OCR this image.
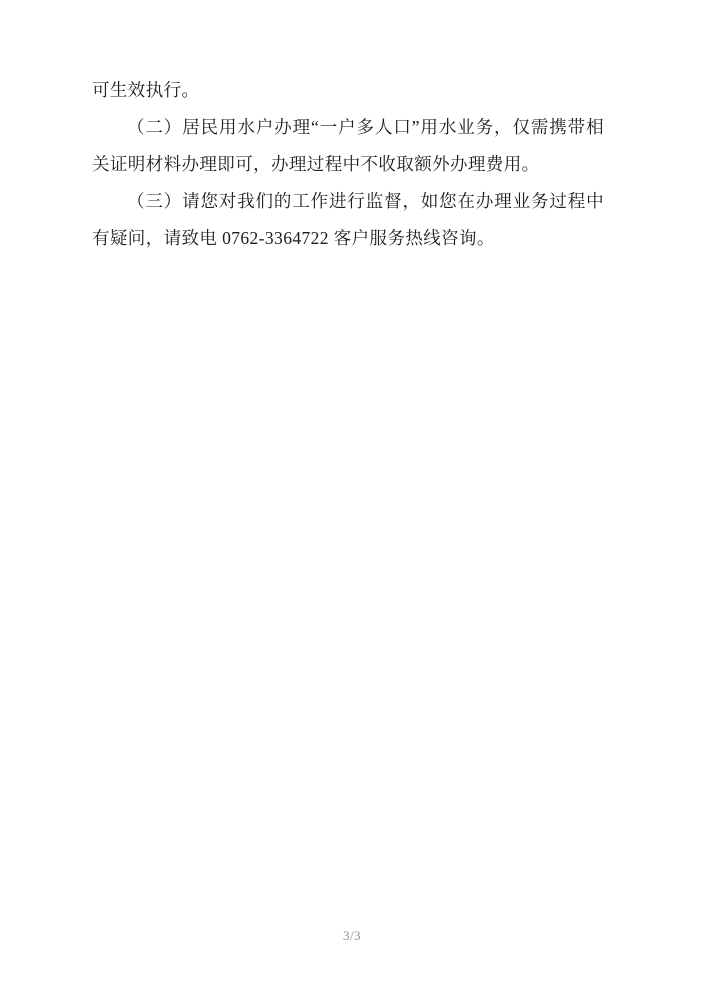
可生效执行。

（二）居民用水户办理“一户多人口”用水业务，仅需携带相关证明材料办理即可，办理过程中不收取额外办理费用。

（三）请您对我们的工作进行监督，如您在办理业务过程中有疑问，请致电 0762-3364722 客户服务热线咨询。

3/3
